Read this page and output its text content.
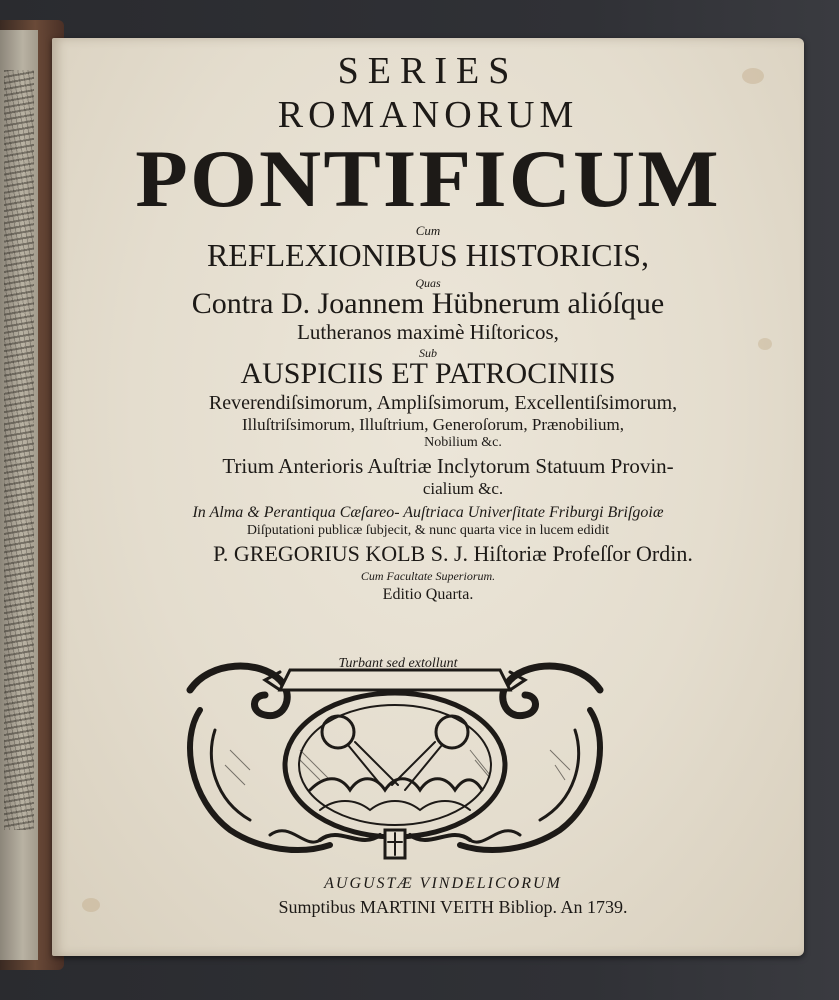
SERIES
ROMANORUM
PONTIFICUM
Cum
REFLEXIONIBUS HISTORICIS,
Quas
Contra D. Joannem Hübnerum alióſque
Lutheranos maximè Hiſtoricos,
Sub
AUSPICIIS ET PATROCINIIS
Reverendiſsimorum, Ampliſsimorum, Excellentiſsimorum,
Illuſtriſsimorum, Illuſtrium, Generoſorum, Prænobilium,
Nobilium &c.
Trium Anterioris Auſtriæ Inclytorum Statuum Provin-
cialium &c.
In Alma & Perantiqua Cæſareo- Auſtriaca Univerſitate Friburgi Briſgoiæ
Diſputationi publicæ ſubjecit, & nunc quarta vice in lucem edidit
P. GREGORIUS KOLB S. J. Hiſtoriæ Profeſſor Ordin.
Cum Facultate Superiorum.
Editio Quarta.
Turbant sed extollunt
AUGUSTÆ VINDELICORUM
Sumptibus MARTINI VEITH Bibliop. An 1739.
